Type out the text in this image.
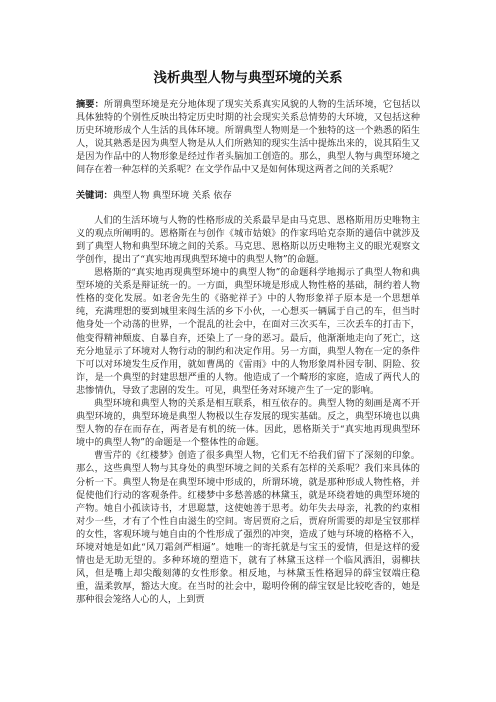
浅析典型人物与典型环境的关系

摘要：所谓典型环境是充分地体现了现实关系真实风貌的人物的生活环境，它包括以具体独特的个别性反映出特定历史时期的社会现实关系总情势的大环境，又包括这种历史环境形成个人生活的具体环境。所谓典型人物则是一个独特的这一个熟悉的陌生人，说其熟悉是因为典型人物是从人们所熟知的现实生活中提炼出来的，说其陌生又是因为作品中的人物形象是经过作者头脑加工创造的。那么，典型人物与典型环境之间存在着一种怎样的关系呢？在文学作品中又是如何体现这两者之间的关系呢？

关键词：典型人物 典型环境 关系 依存

人们的生活环境与人物的性格形成的关系最早是由马克思、恩格斯用历史唯物主义的观点所阐明的。恩格斯在与创作《城市姑娘》的作家玛哈克奈斯的通信中就涉及到了典型人物和典型环境之间的关系。马克思、恩格斯以历史唯物主义的眼光观察文学创作，提出了“真实地再现典型环境中的典型人物”的命题。

恩格斯的“真实地再现典型环境中的典型人物”的命题科学地揭示了典型人物和典型环境的关系是辩证统一的。一方面，典型环境是形成人物性格的基础，制约着人物性格的变化发展。如老舍先生的《骆驼祥子》中的人物形象祥子原本是一个思想单纯，充满理想的要到城里来闯生活的乡下小伙，一心想买一辆属于自己的车，但当时他身处一个动荡的世界，一个混乱的社会中，在面对三次买车，三次丢车的打击下，他变得精神颓废、自暴自弃，还染上了一身的恶习。最后，他渐渐地走向了死亡，这充分地显示了环境对人物行动的制约和决定作用。另一方面，典型人物在一定的条件下可以对环境发生反作用，就如曹禺的《雷雨》中的人物形象周朴园专制、阴险、狡诈，是一个典型的封建思想严重的人物。他造成了一个畸形的家庭，造成了两代人的悲惨情仇，导致了悲剧的发生。可见，典型任务对环境产生了一定的影响。

典型环境和典型人物的关系是相互联系，相互依存的。典型人物的刻画是离不开典型环境的，典型环境是典型人物极以生存发展的现实基础。反之，典型环境也以典型人物的存在而存在，两者是有机的统一体。因此，恩格斯关于“真实地再现典型环境中的典型人物”的命题是一个整体性的命题。

曹雪芹的《红楼梦》创造了很多典型人物，它们无不给我们留下了深刻的印象。那么，这些典型人物与其身处的典型环境之间的关系有怎样的关系呢？我们来具体的分析一下。典型人物是在典型环境中形成的，所谓环境，就是那种形成人物性格，并促使他们行动的客观条件。红楼梦中多愁善感的林黛玉，就是环绕着她的典型环境的产物。她自小孤读诗书，才思聪慧，这使她善于思考。幼年失去母亲，礼教的约束相对少一些，才有了个性自由滋生的空间。寄居贾府之后，贾府所需要的却是宝钗那样的女性，客观环境与她自由的个性形成了强烈的冲突，造成了她与环境的格格不入，环境对她是如此“风刀霜剑严相逼”。她唯一的寄托就是与宝玉的爱情，但是这样的爱情也是无助无望的。多种环境的塑造下，就有了林黛玉这样一个临风洒泪，弱柳扶风，但是嘴上却尖酸刻薄的女性形象。相反地，与林黛玉性格迥异的薛宝钗端庄稳重，温柔敦厚，豁达大度。在当时的社会中，聪明伶俐的薛宝钗是比较吃香的，她是那种很会笼络人心的人，上到贾
